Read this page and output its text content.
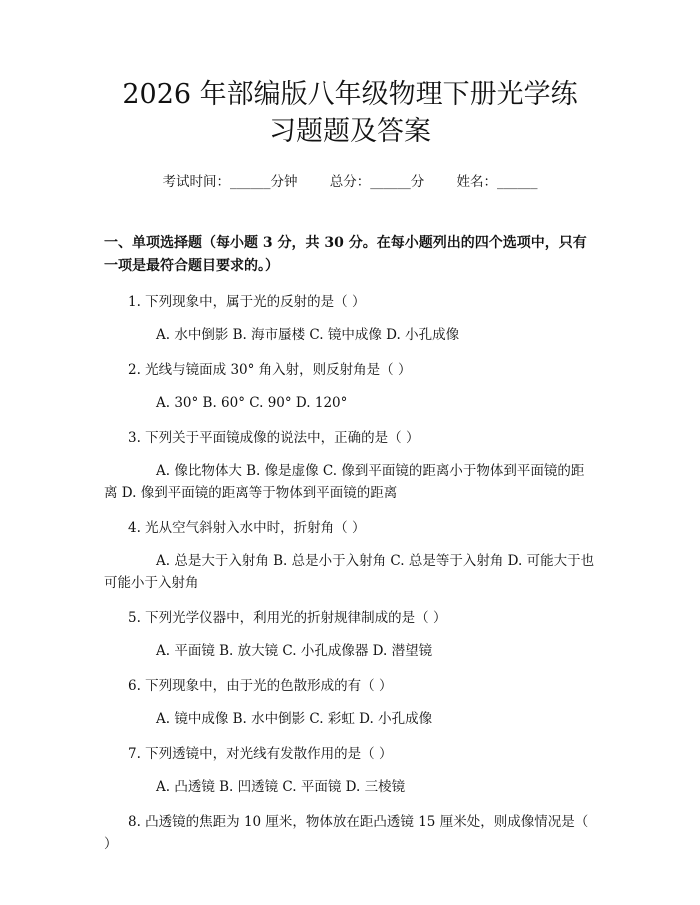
2026 年部编版八年级物理下册光学练习题题及答案
考试时间：______分钟 总分：______分 姓名：______
一、单项选择题（每小题 3 分，共 30 分。在每小题列出的四个选项中，只有一项是最符合题目要求的。）
1. 下列现象中，属于光的反射的是（ ）
A. 水中倒影 B. 海市蜃楼 C. 镜中成像 D. 小孔成像
2. 光线与镜面成 30° 角入射，则反射角是（ ）
A. 30° B. 60° C. 90° D. 120°
3. 下列关于平面镜成像的说法中，正确的是（ ）
A. 像比物体大 B. 像是虚像 C. 像到平面镜的距离小于物体到平面镜的距离 D. 像到平面镜的距离等于物体到平面镜的距离
4. 光从空气斜射入水中时，折射角（ ）
A. 总是大于入射角 B. 总是小于入射角 C. 总是等于入射角 D. 可能大于也可能小于入射角
5. 下列光学仪器中，利用光的折射规律制成的是（ ）
A. 平面镜 B. 放大镜 C. 小孔成像器 D. 潜望镜
6. 下列现象中，由于光的色散形成的有（ ）
A. 镜中成像 B. 水中倒影 C. 彩虹 D. 小孔成像
7. 下列透镜中，对光线有发散作用的是（ ）
A. 凸透镜 B. 凹透镜 C. 平面镜 D. 三棱镜
8. 凸透镜的焦距为 10 厘米，物体放在距凸透镜 15 厘米处，则成像情况是（ ）
